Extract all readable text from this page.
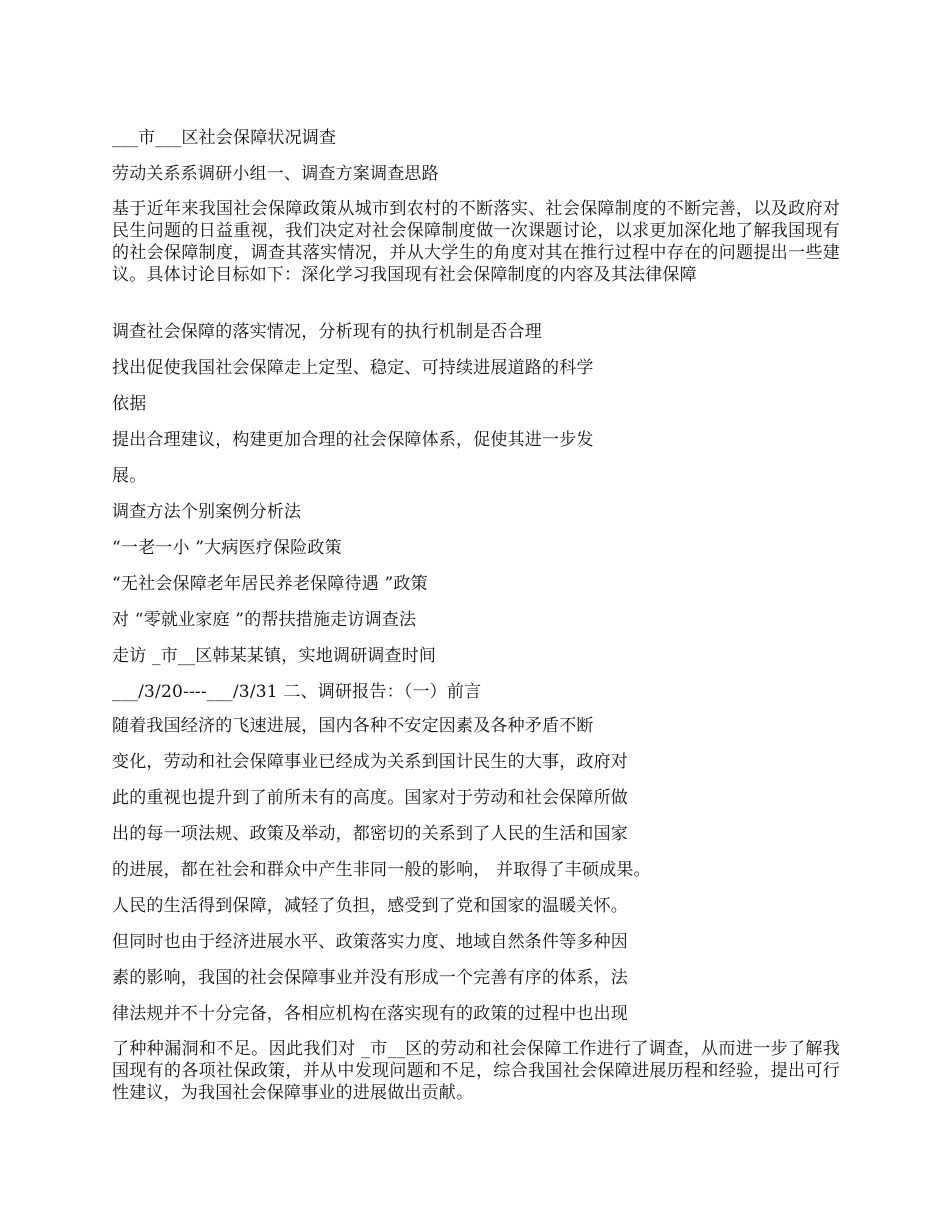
___市___区社会保障状况调查
劳动关系系调研小组一、调查方案调查思路
基于近年来我国社会保障政策从城市到农村的不断落实、社会保障制度的不断完善，以及政府对民生问题的日益重视，我们决定对社会保障制度做一次课题讨论，以求更加深化地了解我国现有的社会保障制度，调查其落实情况，并从大学生的角度对其在推行过程中存在的问题提出一些建议。具体讨论目标如下：深化学习我国现有社会保障制度的内容及其法律保障
调查社会保障的落实情况，分析现有的执行机制是否合理
找出促使我国社会保障走上定型、稳定、可持续进展道路的科学
依据
提出合理建议，构建更加合理的社会保障体系，促使其进一步发
展。
调查方法个别案例分析法
“一老一小 ”大病医疗保险政策
“无社会保障老年居民养老保障待遇 ”政策
对 “零就业家庭 ”的帮扶措施走访调查法
走访 _市__区韩某某镇，实地调研调查时间
___/3/20----___/3/31 二、调研报告：（一）前言
随着我国经济的飞速进展，国内各种不安定因素及各种矛盾不断
变化，劳动和社会保障事业已经成为关系到国计民生的大事，政府对
此的重视也提升到了前所未有的高度。国家对于劳动和社会保障所做
出的每一项法规、政策及举动，都密切的关系到了人民的生活和国家
的进展，都在社会和群众中产生非同一般的影响， 并取得了丰硕成果。
人民的生活得到保障，减轻了负担，感受到了党和国家的温暖关怀。
但同时也由于经济进展水平、政策落实力度、地域自然条件等多种因
素的影响，我国的社会保障事业并没有形成一个完善有序的体系，法
律法规并不十分完备，各相应机构在落实现有的政策的过程中也出现
了种种漏洞和不足。因此我们对 _市__区的劳动和社会保障工作进行了调查，从而进一步了解我国现有的各项社保政策，并从中发现问题和不足，综合我国社会保障进展历程和经验，提出可行性建议，为我国社会保障事业的进展做出贡献。
